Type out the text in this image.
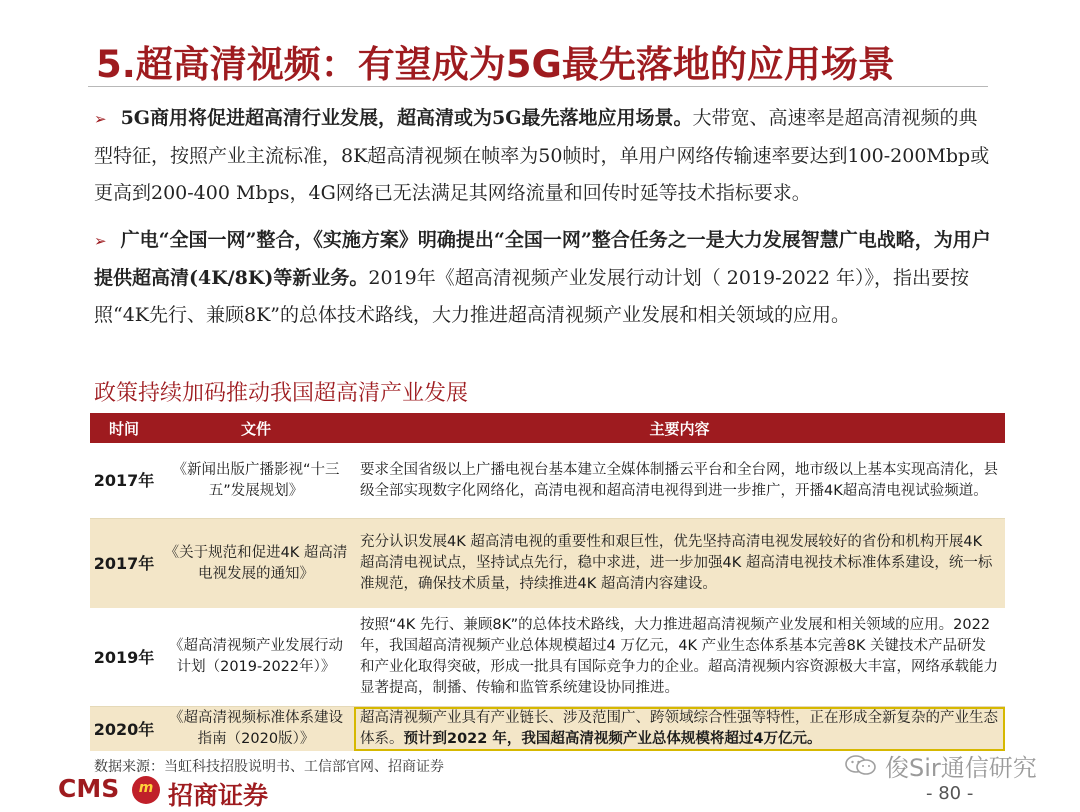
5.超高清视频：有望成为5G最先落地的应用场景
➢ 5G商用将促进超高清行业发展，超高清或为5G最先落地应用场景。大带宽、高速率是超高清视频的典型特征，按照产业主流标准，8K超高清视频在帧率为50帧时，单用户网络传输速率要达到100-200Mbp或更高到200-400 Mbps，4G网络已无法满足其网络流量和回传时延等技术指标要求。
➢ 广电“全国一网”整合，《实施方案》明确提出“全国一网”整合任务之一是大力发展智慧广电战略，为用户提供超高清(4K/8K)等新业务。2019年《超高清视频产业发展行动计划（ 2019-2022 年）》，指出要按照“4K先行、兼顾8K”的总体技术路线，大力推进超高清视频产业发展和相关领域的应用。
政策持续加码推动我国超高清产业发展
时间	文件	主要内容
2017年	《新闻出版广播影视“十三五”发展规划》	要求全国省级以上广播电视台基本建立全媒体制播云平台和全台网，地市级以上基本实现高清化，县级全部实现数字化网络化，高清电视和超高清电视得到进一步推广，开播4K超高清电视试验频道。
2017年	《关于规范和促进4K 超高清电视发展的通知》	充分认识发展4K 超高清电视的重要性和艰巨性，优先坚持高清电视发展较好的省份和机构开展4K 超高清电视试点，坚持试点先行，稳中求进，进一步加强4K 超高清电视技术标准体系建设，统一标准规范，确保技术质量，持续推进4K 超高清内容建设。
2019年	《超高清视频产业发展行动计划（2019-2022年）》	按照“4K 先行、兼顾8K”的总体技术路线，大力推进超高清视频产业发展和相关领域的应用。2022 年，我国超高清视频产业总体规模超过4 万亿元，4K 产业生态体系基本完善8K 关键技术产品研发和产业化取得突破，形成一批具有国际竞争力的企业。超高清视频内容资源极大丰富，网络承载能力显著提高，制播、传输和监管系统建设协同推进。
2020年	《超高清视频标准体系建设指南（2020版）》	超高清视频产业具有产业链长、涉及范围广、跨领域综合性强等特性，正在形成全新复杂的产业生态体系。预计到2022 年，我国超高清视频产业总体规模将超过4万亿元。
数据来源：当虹科技招股说明书、工信部官网、招商证券
CMS	m 招商证券
俊Sir通信研究
- 80 -
